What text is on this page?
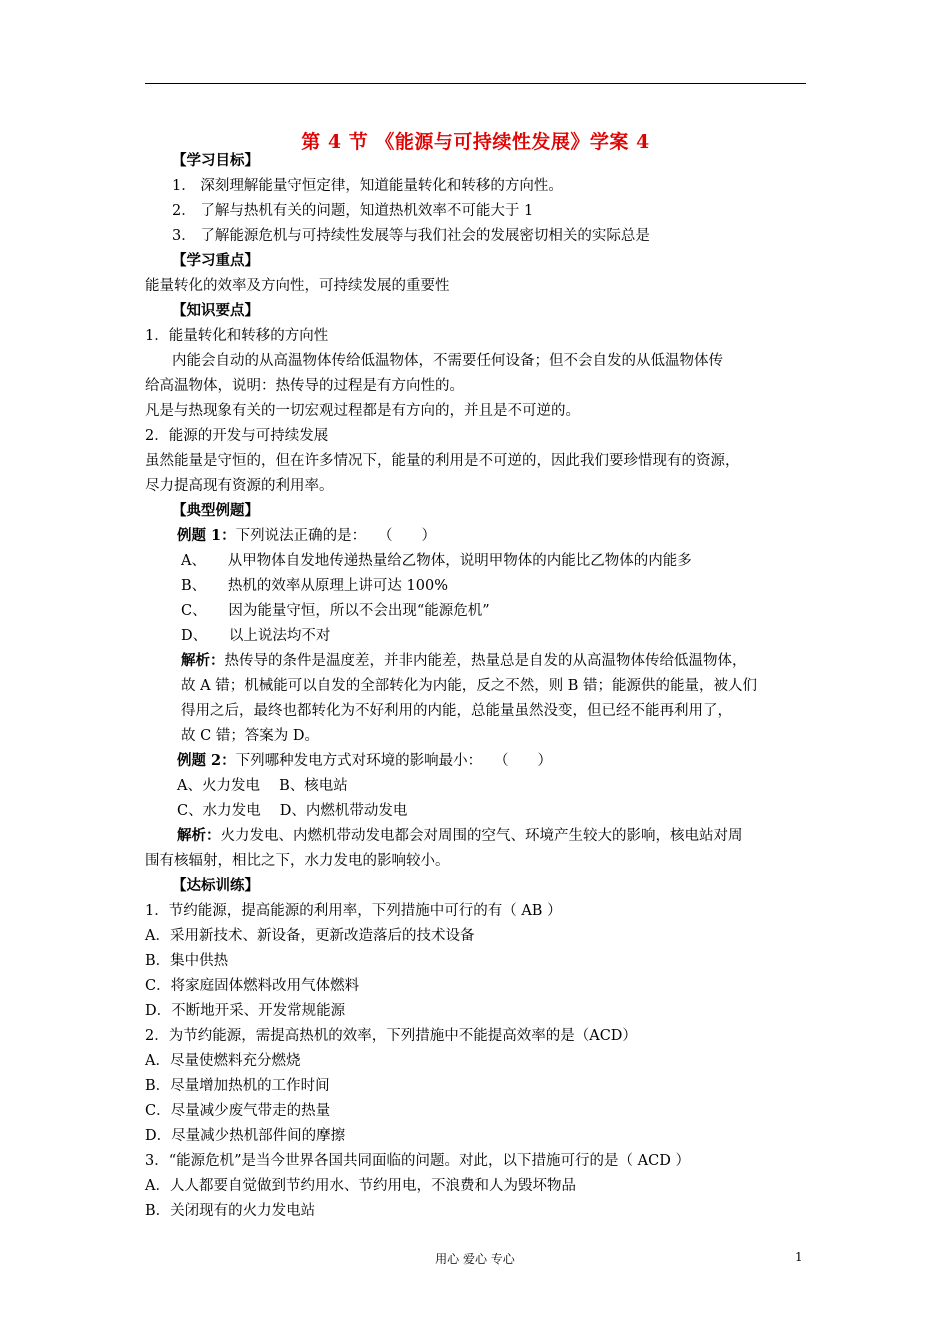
第 4 节 《能源与可持续性发展》学案 4
【学习目标】
1． 深刻理解能量守恒定律，知道能量转化和转移的方向性。
2． 了解与热机有关的问题，知道热机效率不可能大于 1
3． 了解能源危机与可持续性发展等与我们社会的发展密切相关的实际总是
【学习重点】
能量转化的效率及方向性，可持续发展的重要性
【知识要点】
1．能量转化和转移的方向性
内能会自动的从高温物体传给低温物体，不需要任何设备；但不会自发的从低温物体传
给高温物体，说明：热传导的过程是有方向性的。
凡是与热现象有关的一切宏观过程都是有方向的，并且是不可逆的。
2．能源的开发与可持续发展
虽然能量是守恒的，但在许多情况下，能量的利用是不可逆的，因此我们要珍惜现有的资源，
尽力提高现有资源的利用率。
【典型例题】
例题 1：下列说法正确的是：　 （　　）
A、　　从甲物体自发地传递热量给乙物体，说明甲物体的内能比乙物体的内能多
B、　　热机的效率从原理上讲可达 100%
C、　　因为能量守恒，所以不会出现“能源危机”
D、　　以上说法均不对
解析：热传导的条件是温度差，并非内能差，热量总是自发的从高温物体传给低温物体，
故 A 错；机械能可以自发的全部转化为内能，反之不然，则 B 错；能源供的能量，被人们
得用之后，最终也都转化为不好利用的内能，总能量虽然没变，但已经不能再利用了，
故 C 错；答案为 D。
例题 2：下列哪种发电方式对环境的影响最小：　 （　　）
A、火力发电　 B、核电站
C、水力发电　 D、内燃机带动发电
解析：火力发电、内燃机带动发电都会对周围的空气、环境产生较大的影响，核电站对周
围有核辐射，相比之下，水力发电的影响较小。
【达标训练】
1．节约能源，提高能源的利用率，下列措施中可行的有（ AB ）
A．采用新技术、新设备，更新改造落后的技术设备
B．集中供热
C．将家庭固体燃料改用气体燃料
D．不断地开采、开发常规能源
2．为节约能源，需提高热机的效率，下列措施中不能提高效率的是（ACD）
A．尽量使燃料充分燃烧
B．尽量增加热机的工作时间
C．尽量减少废气带走的热量
D．尽量减少热机部件间的摩擦
3．“能源危机”是当今世界各国共同面临的问题。对此，以下措施可行的是（ ACD ）
A．人人都要自觉做到节约用水、节约用电，不浪费和人为毁坏物品
B．关闭现有的火力发电站
用心 爱心 专心	1
